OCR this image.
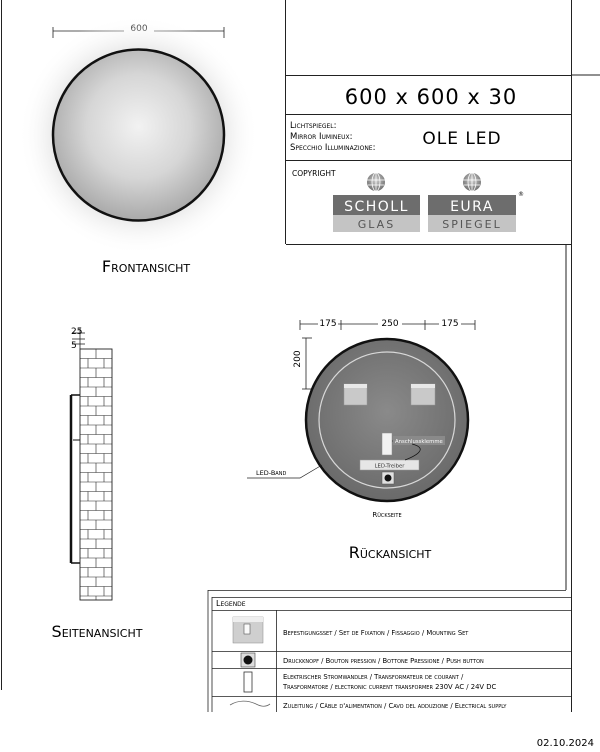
600 x 600 x 30
Lichtspiegel:
Mirror Iumineux:
Specchio Illuminazione:	OLE LED
COPYRIGHT
SCHOLL
GLAS
EURA
SPIEGEL
®
Frontansicht
25
5
Seitenansicht
175	250	175
200
Anschlussklemme
LED-Treiber
LED-Band
Rückseite
Rückansicht
Legende
Befestigungsset / Set de Fixation / Fissaggio / Mounting Set
Druckknopf / Bouton pression / Bottone Pressione / Push button
Elektrischer Stromwandler / Transformateur de courant /
Trasformatore / electronic current transformer 230V AC / 24V DC
Zuleitung / Câble d'alimentation / Cavo del adduzione / Electrical supply
02.10.2024
